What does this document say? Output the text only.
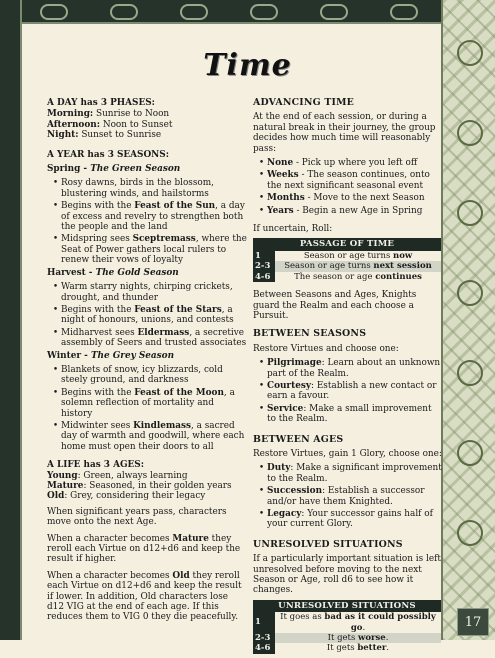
Time

A DAY has 3 PHASES:

Morning: Sunrise to Noon
Afternoon: Noon to Sunset
Night: Sunset to Sunrise

A YEAR has 3 SEASONS:

Spring - The Green Season

• Rosy dawns, birds in the blossom, blustering winds, and hailstorms
• Begins with the Feast of the Sun, a day of excess and revelry to strengthen both the people and the land
• Midspring sees Sceptremass, where the Seat of Power gathers local rulers to renew their vows of loyalty

Harvest - The Gold Season

• Warm starry nights, chirping crickets, drought, and thunder
• Begins with the Feast of the Stars, a night of honours, unions, and contests
• Midharvest sees Eldermass, a secretive assembly of Seers and trusted associates

Winter - The Grey Season

• Blankets of snow, icy blizzards, cold steely ground, and darkness
• Begins with the Feast of the Moon, a solemn reflection of mortality and history
• Midwinter sees Kindlemass, a sacred day of warmth and goodwill, where each home must open their doors to all

A LIFE has 3 AGES:

Young: Green, always learning
Mature: Seasoned, in their golden years
Old: Grey, considering their legacy

When significant years pass, characters move onto the next Age.

When a character becomes Mature they reroll each Virtue on d12+d6 and keep the result if higher.

When a character becomes Old they reroll each Virtue on d12+d6 and keep the result if lower. In addition, Old characters lose d12 VIG at the end of each age. If this reduces them to VIG 0 they die peacefully.

ADVANCING TIME

At the end of each session, or during a natural break in their journey, the group decides how much time will reasonably pass:

• None - Pick up where you left off
• Weeks - The season continues, onto the next significant seasonal event
• Months - Move to the next Season
• Years - Begin a new Age in Spring

If uncertain, Roll:

PASSAGE OF TIME	
1	Season or age turns now
2-3	Season or age turns next session
4-6	The season or age continues

Between Seasons and Ages, Knights guard the Realm and each choose a Pursuit.

BETWEEN SEASONS

Restore Virtues and choose one:

• Pilgrimage: Learn about an unknown part of the Realm.
• Courtesy: Establish a new contact or earn a favour.
• Service: Make a small improvement to the Realm.

BETWEEN AGES

Restore Virtues, gain 1 Glory, choose one:

• Duty: Make a significant improvement to the Realm.
• Succession: Establish a successor and/or have them Knighted.
• Legacy: Your successor gains half of your current Glory.

UNRESOLVED SITUATIONS

If a particularly important situation is left unresolved before moving to the next Season or Age, roll d6 to see how it changes.

UNRESOLVED SITUATIONS	
1	It goes as bad as it could possibly go.
2-3	It gets worse.
4-6	It gets better.
17
